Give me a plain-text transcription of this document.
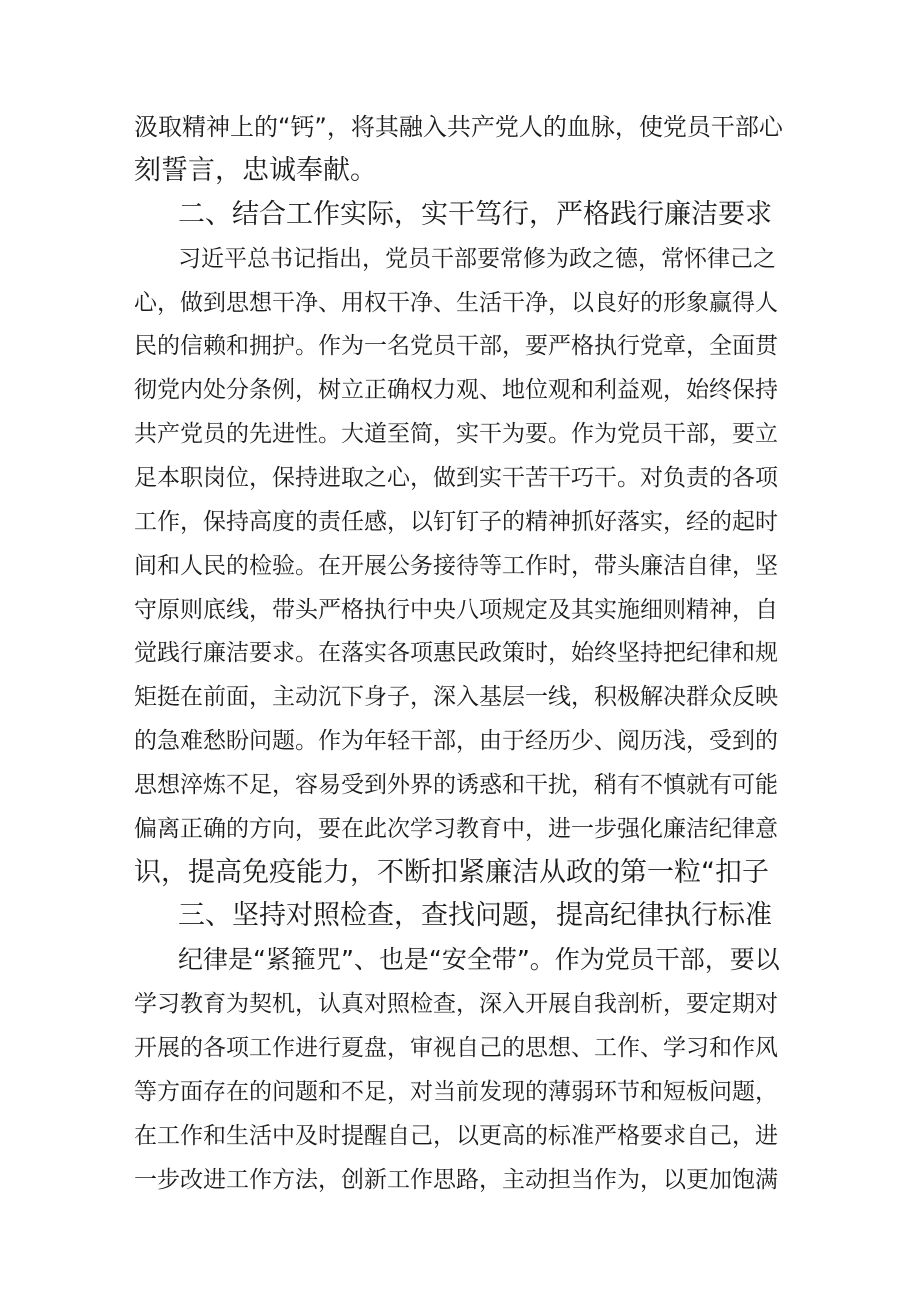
汲取精神上的“钙”，将其融入共产党人的血脉，使党员干部心
刻誓言，忠诚奉献。
二、结合工作实际，实干笃行，严格践行廉洁要求
习近平总书记指出，党员干部要常修为政之德，常怀律己之
心，做到思想干净、用权干净、生活干净，以良好的形象赢得人
民的信赖和拥护。作为一名党员干部，要严格执行党章，全面贯
彻党内处分条例，树立正确权力观、地位观和利益观，始终保持
共产党员的先进性。大道至简，实干为要。作为党员干部，要立
足本职岗位，保持进取之心，做到实干苦干巧干。对负责的各项
工作，保持高度的责任感，以钉钉子的精神抓好落实，经的起时
间和人民的检验。在开展公务接待等工作时，带头廉洁自律，坚
守原则底线，带头严格执行中央八项规定及其实施细则精神，自
觉践行廉洁要求。在落实各项惠民政策时，始终坚持把纪律和规
矩挺在前面，主动沉下身子，深入基层一线，积极解决群众反映
的急难愁盼问题。作为年轻干部，由于经历少、阅历浅，受到的
思想淬炼不足，容易受到外界的诱惑和干扰，稍有不慎就有可能
偏离正确的方向，要在此次学习教育中，进一步强化廉洁纪律意
识，提高免疫能力，不断扣紧廉洁从政的第一粒“扣子
三、坚持对照检查，查找问题，提高纪律执行标准
纪律是“紧箍咒”、也是“安全带”。作为党员干部，要以
学习教育为契机，认真对照检查，深入开展自我剖析，要定期对
开展的各项工作进行夏盘，审视自己的思想、工作、学习和作风
等方面存在的问题和不足，对当前发现的薄弱环节和短板问题，
在工作和生活中及时提醒自己，以更高的标准严格要求自己，进
一步改进工作方法，创新工作思路，主动担当作为，以更加饱满
